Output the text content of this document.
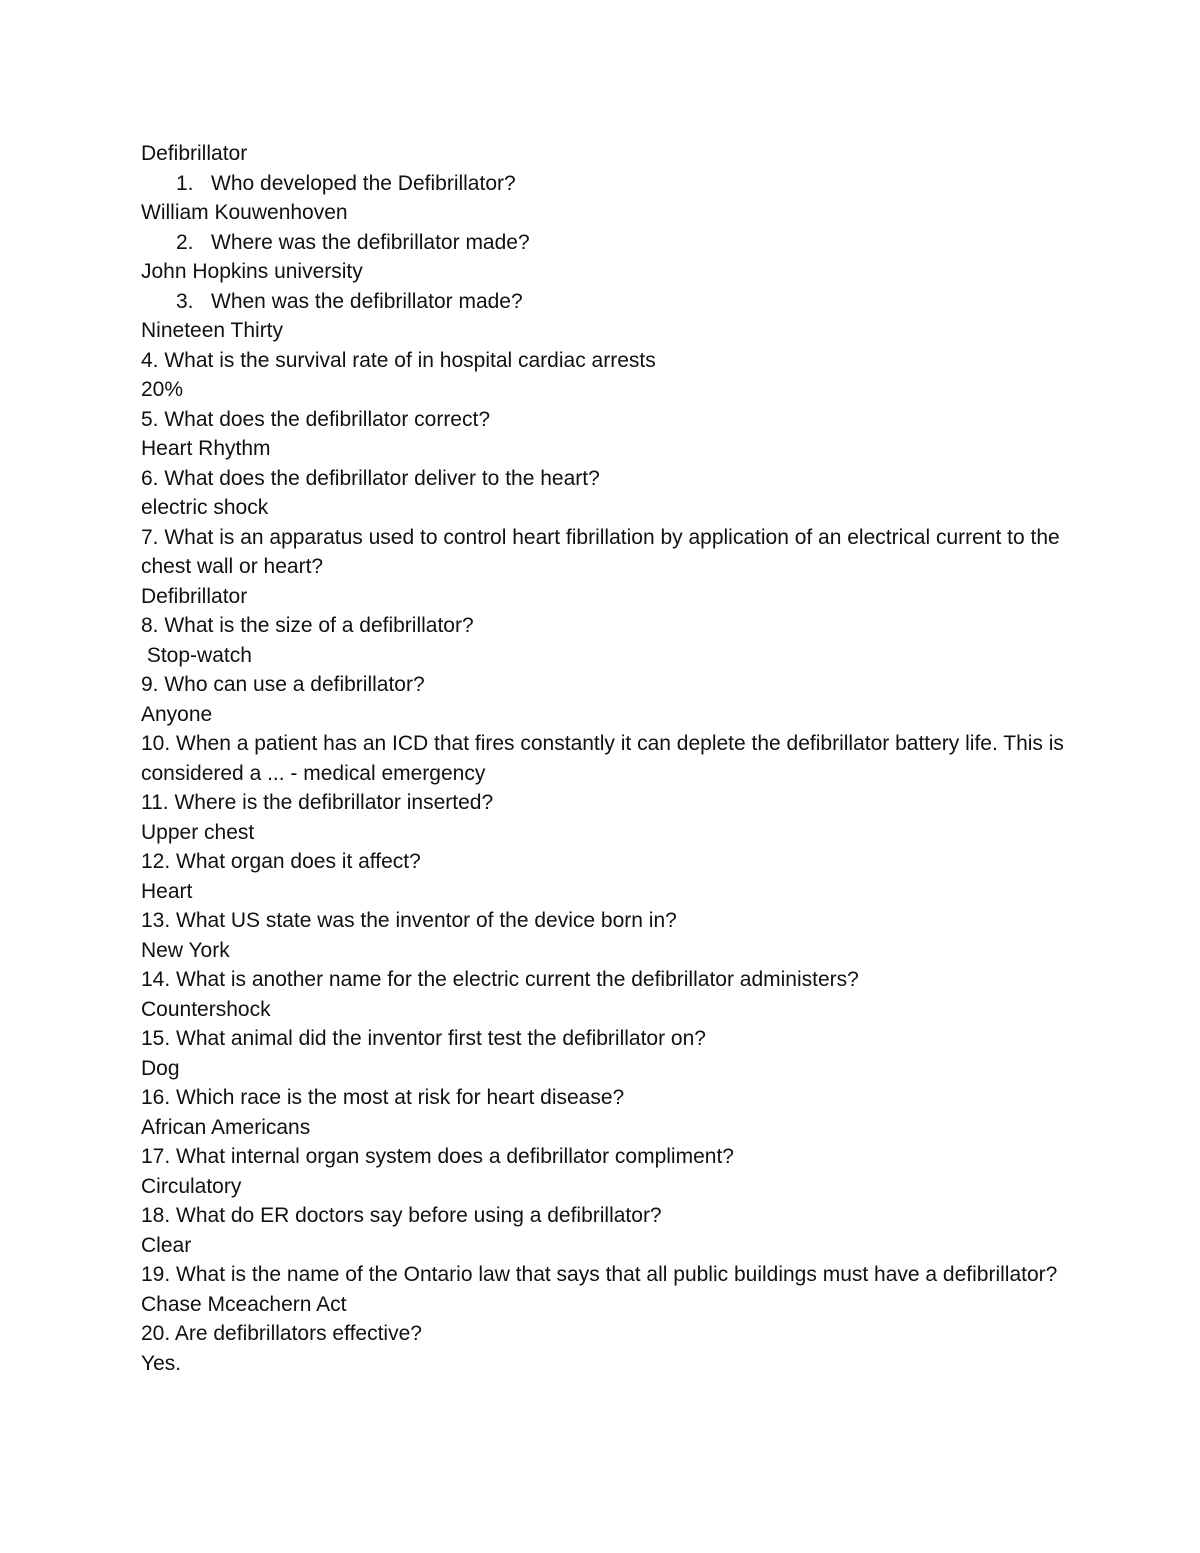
Defibrillator
1. Who developed the Defibrillator?
William Kouwenhoven
2. Where was the defibrillator made?
John Hopkins university
3. When was the defibrillator made?
Nineteen Thirty
4. What is the survival rate of in hospital cardiac arrests
20%
5. What does the defibrillator correct?
Heart Rhythm
6. What does the defibrillator deliver to the heart?
electric shock
7. What is an apparatus used to control heart fibrillation by application of an electrical current to the chest wall or heart?
Defibrillator
8. What is the size of a defibrillator?
Stop-watch
9. Who can use a defibrillator?
Anyone
10. When a patient has an ICD that fires constantly it can deplete the defibrillator battery life. This is considered a ... - medical emergency
11. Where is the defibrillator inserted?
Upper chest
12. What organ does it affect?
Heart
13. What US state was the inventor of the device born in?
New York
14. What is another name for the electric current the defibrillator administers?
Countershock
15. What animal did the inventor first test the defibrillator on?
Dog
16. Which race is the most at risk for heart disease?
African Americans
17. What internal organ system does a defibrillator compliment?
Circulatory
18. What do ER doctors say before using a defibrillator?
Clear
19. What is the name of the Ontario law that says that all public buildings must have a defibrillator?
Chase Mceachern Act
20. Are defibrillators effective?
Yes.
